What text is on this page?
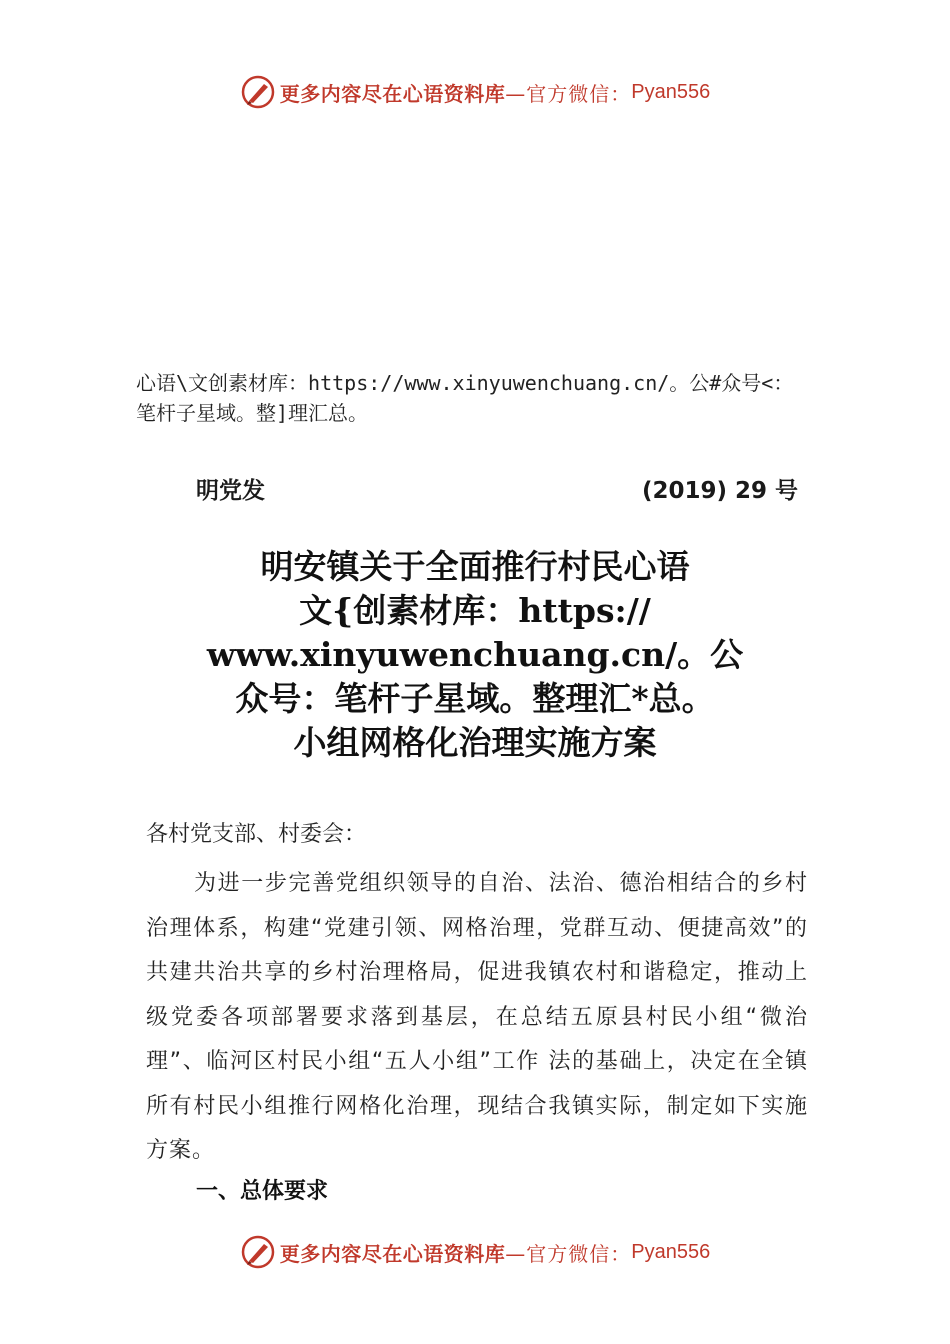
更多内容尽在心语资料库 —官方微信： Pyan556
心语\文创素材库：https://www.xinyuwenchuang.cn/。公#众号<：
笔杆子星域。整]理汇总。
明党发	(2019) 29 号
明安镇关于全面推行村民心语
文{创素材库：https://
www.xinyuwenchuang.cn/。公
众号：笔杆子星域。整理汇*总。
小组网格化治理实施方案
各村党支部、村委会：
为进一步完善党组织领导的自治、法治、德治相结合的乡村治理体系，构建“党建引领、网格治理，党群互动、便捷高效”的共建共治共享的乡村治理格局，促进我镇农村和谐稳定，推动上级党委各项部署要求落到基层，在总结五原县村民小组“微治理”、临河区村民小组“五人小组”工作 法的基础上，决定在全镇所有村民小组推行网格化治理，现结合我镇实际，制定如下实施方案。
一、总体要求
更多内容尽在心语资料库 —官方微信： Pyan556
